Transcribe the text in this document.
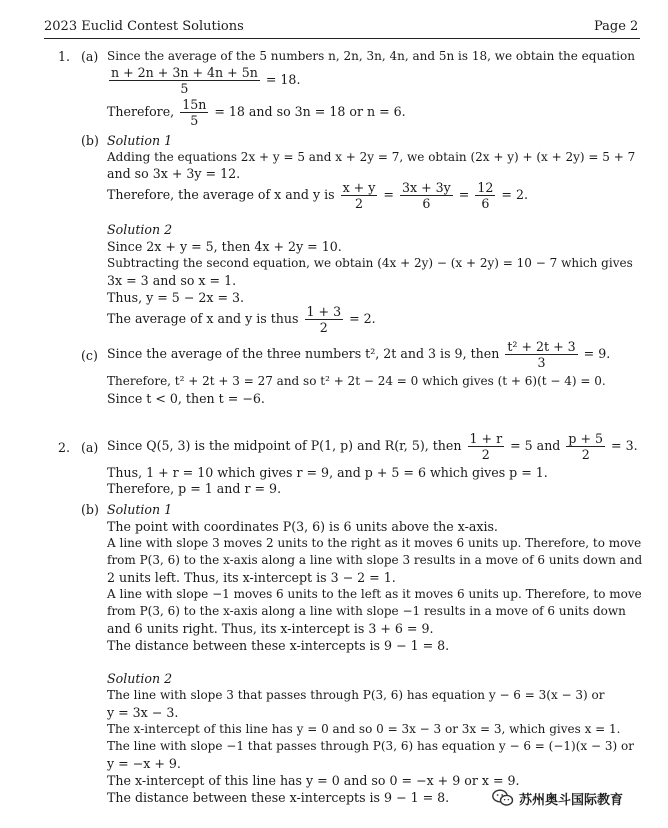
2023 Euclid Contest Solutions	Page 2
1. (a) Since the average of the 5 numbers n, 2n, 3n, 4n, and 5n is 18, we obtain the equation
$\frac{n + 2n + 3n + 4n + 5n}{5} = 18$.
Therefore, $\frac{15n}{5} = 18$ and so 3n = 18 or n = 6.
(b) Solution 1
Adding the equations 2x + y = 5 and x + 2y = 7, we obtain (2x + y) + (x + 2y) = 5 + 7
and so 3x + 3y = 12.
Therefore, the average of x and y is $\frac{x + y}{2} = \frac{3x + 3y}{6} = \frac{12}{6} = 2$.
Solution 2
Since 2x + y = 5, then 4x + 2y = 10.
Subtracting the second equation, we obtain (4x + 2y) − (x + 2y) = 10 − 7 which gives
3x = 3 and so x = 1.
Thus, y = 5 − 2x = 3.
The average of x and y is thus $\frac{1 + 3}{2} = 2$.
(c) Since the average of the three numbers t², 2t and 3 is 9, then $\frac{\text{t² + 2t + 3}}{3} = 9$.
Therefore, t² + 2t + 3 = 27 and so t² + 2t − 24 = 0 which gives (t + 6)(t − 4) = 0.
Since t < 0, then t = −6.
2. (a) Since Q(5, 3) is the midpoint of P(1, p) and R(r, 5), then $\frac{1 + r}{2} = 5$ and $\frac{p + 5}{2} = 3$.
Thus, 1 + r = 10 which gives r = 9, and p + 5 = 6 which gives p = 1.
Therefore, p = 1 and r = 9.
(b) Solution 1
The point with coordinates P(3, 6) is 6 units above the x-axis.
A line with slope 3 moves 2 units to the right as it moves 6 units up. Therefore, to move
from P(3, 6) to the x-axis along a line with slope 3 results in a move of 6 units down and
2 units left. Thus, its x-intercept is 3 − 2 = 1.
A line with slope −1 moves 6 units to the left as it moves 6 units up. Therefore, to move
from P(3, 6) to the x-axis along a line with slope −1 results in a move of 6 units down
and 6 units right. Thus, its x-intercept is 3 + 6 = 9.
The distance between these x-intercepts is 9 − 1 = 8.
Solution 2
The line with slope 3 that passes through P(3, 6) has equation y − 6 = 3(x − 3) or
y = 3x − 3.
The x-intercept of this line has y = 0 and so 0 = 3x − 3 or 3x = 3, which gives x = 1.
The line with slope −1 that passes through P(3, 6) has equation y − 6 = (−1)(x − 3) or
y = −x + 9.
The x-intercept of this line has y = 0 and so 0 = −x + 9 or x = 9.
The distance between these x-intercepts is 9 − 1 = 8.	苏州奥斗国际教育
